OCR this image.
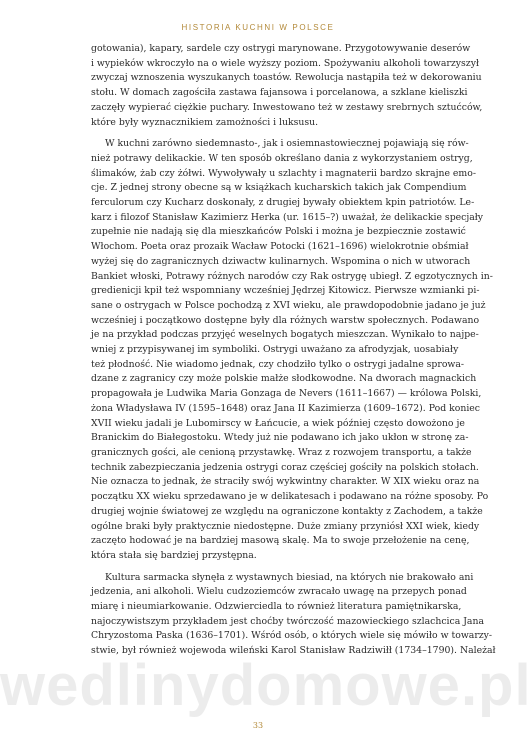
HISTORIA KUCHNI W POLSCE

gotowania), kapary, sardele czy ostrygi marynowane. Przygotowywanie deserów
i wypieków wkroczyło na o wiele wyższy poziom. Spożywaniu alkoholi towarzyszył
zwyczaj wznoszenia wyszukanych toastów. Rewolucja nastąpiła też w dekorowaniu
stołu. W domach zagościła zastawa fajansowa i porcelanowa, a szklane kieliszki
zaczęły wypierać ciężkie puchary. Inwestowano też w zestawy srebrnych sztućców,
które były wyznacznikiem zamożności i luksusu.

W kuchni zarówno siedemnasto-, jak i osiemnastowiecznej pojawiają się rów-
nież potrawy delikackie. W ten sposób określano dania z wykorzystaniem ostryg,
ślimaków, żab czy żółwi. Wywoływały u szlachty i magnaterii bardzo skrajne emo-
cje. Z jednej strony obecne są w książkach kucharskich takich jak Compendium
ferculorum czy Kucharz doskonały, z drugiej bywały obiektem kpin patriotów. Le-
karz i filozof Stanisław Kazimierz Herka (ur. 1615–?) uważał, że delikackie specjały
zupełnie nie nadają się dla mieszkańców Polski i można je bezpiecznie zostawić
Włochom. Poeta oraz prozaik Wacław Potocki (1621–1696) wielokrotnie obśmiał
wyżej się do zagranicznych dziwactw kulinarnych. Wspomina o nich w utworach
Bankiet włoski, Potrawy różnych narodów czy Rak ostrygę ubiegł. Z egzotycznych in-
gredienicji kpił też wspomniany wcześniej Jędrzej Kitowicz. Pierwsze wzmianki pi-
sane o ostrygach w Polsce pochodzą z XVI wieku, ale prawdopodobnie jadano je już
wcześniej i początkowo dostępne były dla różnych warstw społecznych. Podawano
je na przykład podczas przyjęć weselnych bogatych mieszczan. Wynikało to najpe-
wniej z przypisywanej im symboliki. Ostrygi uważano za afrodyzjak, uosabiały
też płodność. Nie wiadomo jednak, czy chodziło tylko o ostrygi jadalne sprowa-
dzane z zagranicy czy może polskie małże słodkowodne. Na dworach magnackich
propagowała je Ludwika Maria Gonzaga de Nevers (1611–1667) — królowa Polski,
żona Władysława IV (1595–1648) oraz Jana II Kazimierza (1609–1672). Pod koniec
XVII wieku jadali je Lubomirscy w Łańcucie, a wiek później często dowożono je
Branickim do Białegostoku. Wtedy już nie podawano ich jako ukłon w stronę za-
granicznych gości, ale cenioną przystawkę. Wraz z rozwojem transportu, a także
technik zabezpieczania jedzenia ostrygi coraz częściej gościły na polskich stołach.
Nie oznacza to jednak, że straciły swój wykwintny charakter. W XIX wieku oraz na
początku XX wieku sprzedawano je w delikatesach i podawano na różne sposoby. Po
drugiej wojnie światowej ze względu na ograniczone kontakty z Zachodem, a także
ogólne braki były praktycznie niedostępne. Duże zmiany przyniósł XXI wiek, kiedy
zaczęto hodować je na bardziej masową skalę. Ma to swoje przełożenie na cenę,
która stała się bardziej przystępna.

Kultura sarmacka słynęła z wystawnych biesiad, na których nie brakowało ani
jedzenia, ani alkoholi. Wielu cudzoziemców zwracało uwagę na przepych ponad
miarę i nieumiarkowanie. Odzwierciedla to również literatura pamiętnikarska,
najoczywistszym przykładem jest choćby twórczość mazowieckiego szlachcica Jana
Chryzostoma Paska (1636–1701). Wśród osób, o których wiele się mówiło w towarzy-
stwie, był również wojewoda wileński Karol Stanisław Radziwiłł (1734–1790). Należał

wedlinydomowe.pl
33
